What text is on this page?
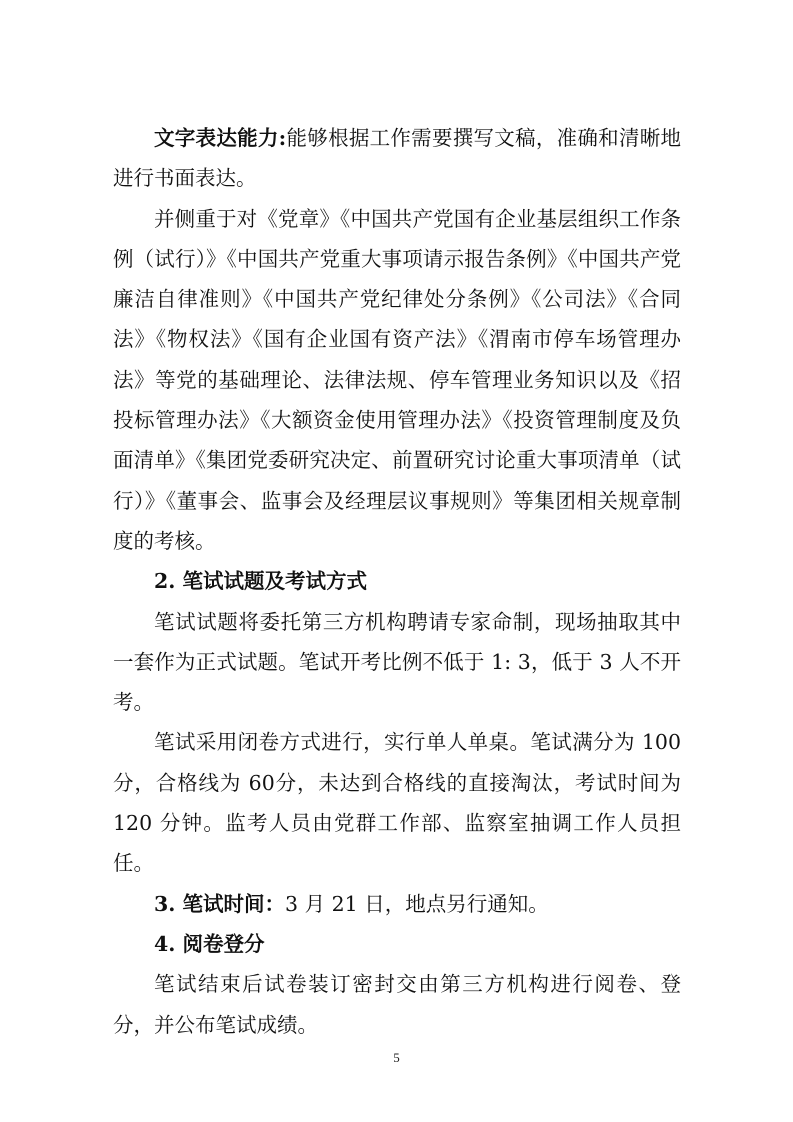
文字表达能力:能够根据工作需要撰写文稿，准确和清晰地进行书面表达。

并侧重于对《党章》《中国共产党国有企业基层组织工作条例（试行）》《中国共产党重大事项请示报告条例》《中国共产党廉洁自律准则》《中国共产党纪律处分条例》《公司法》《合同法》《物权法》《国有企业国有资产法》《渭南市停车场管理办法》等党的基础理论、法律法规、停车管理业务知识以及《招投标管理办法》《大额资金使用管理办法》《投资管理制度及负面清单》《集团党委研究决定、前置研究讨论重大事项清单（试行）》《董事会、监事会及经理层议事规则》等集团相关规章制度的考核。

2. 笔试试题及考试方式

笔试试题将委托第三方机构聘请专家命制，现场抽取其中一套作为正式试题。笔试开考比例不低于 1: 3，低于 3 人不开考。

笔试采用闭卷方式进行，实行单人单桌。笔试满分为 100 分，合格线为 60分，未达到合格线的直接淘汰，考试时间为 120 分钟。监考人员由党群工作部、监察室抽调工作人员担任。

3. 笔试时间：3 月 21 日，地点另行通知。

4. 阅卷登分

笔试结束后试卷装订密封交由第三方机构进行阅卷、登分，并公布笔试成绩。

5
